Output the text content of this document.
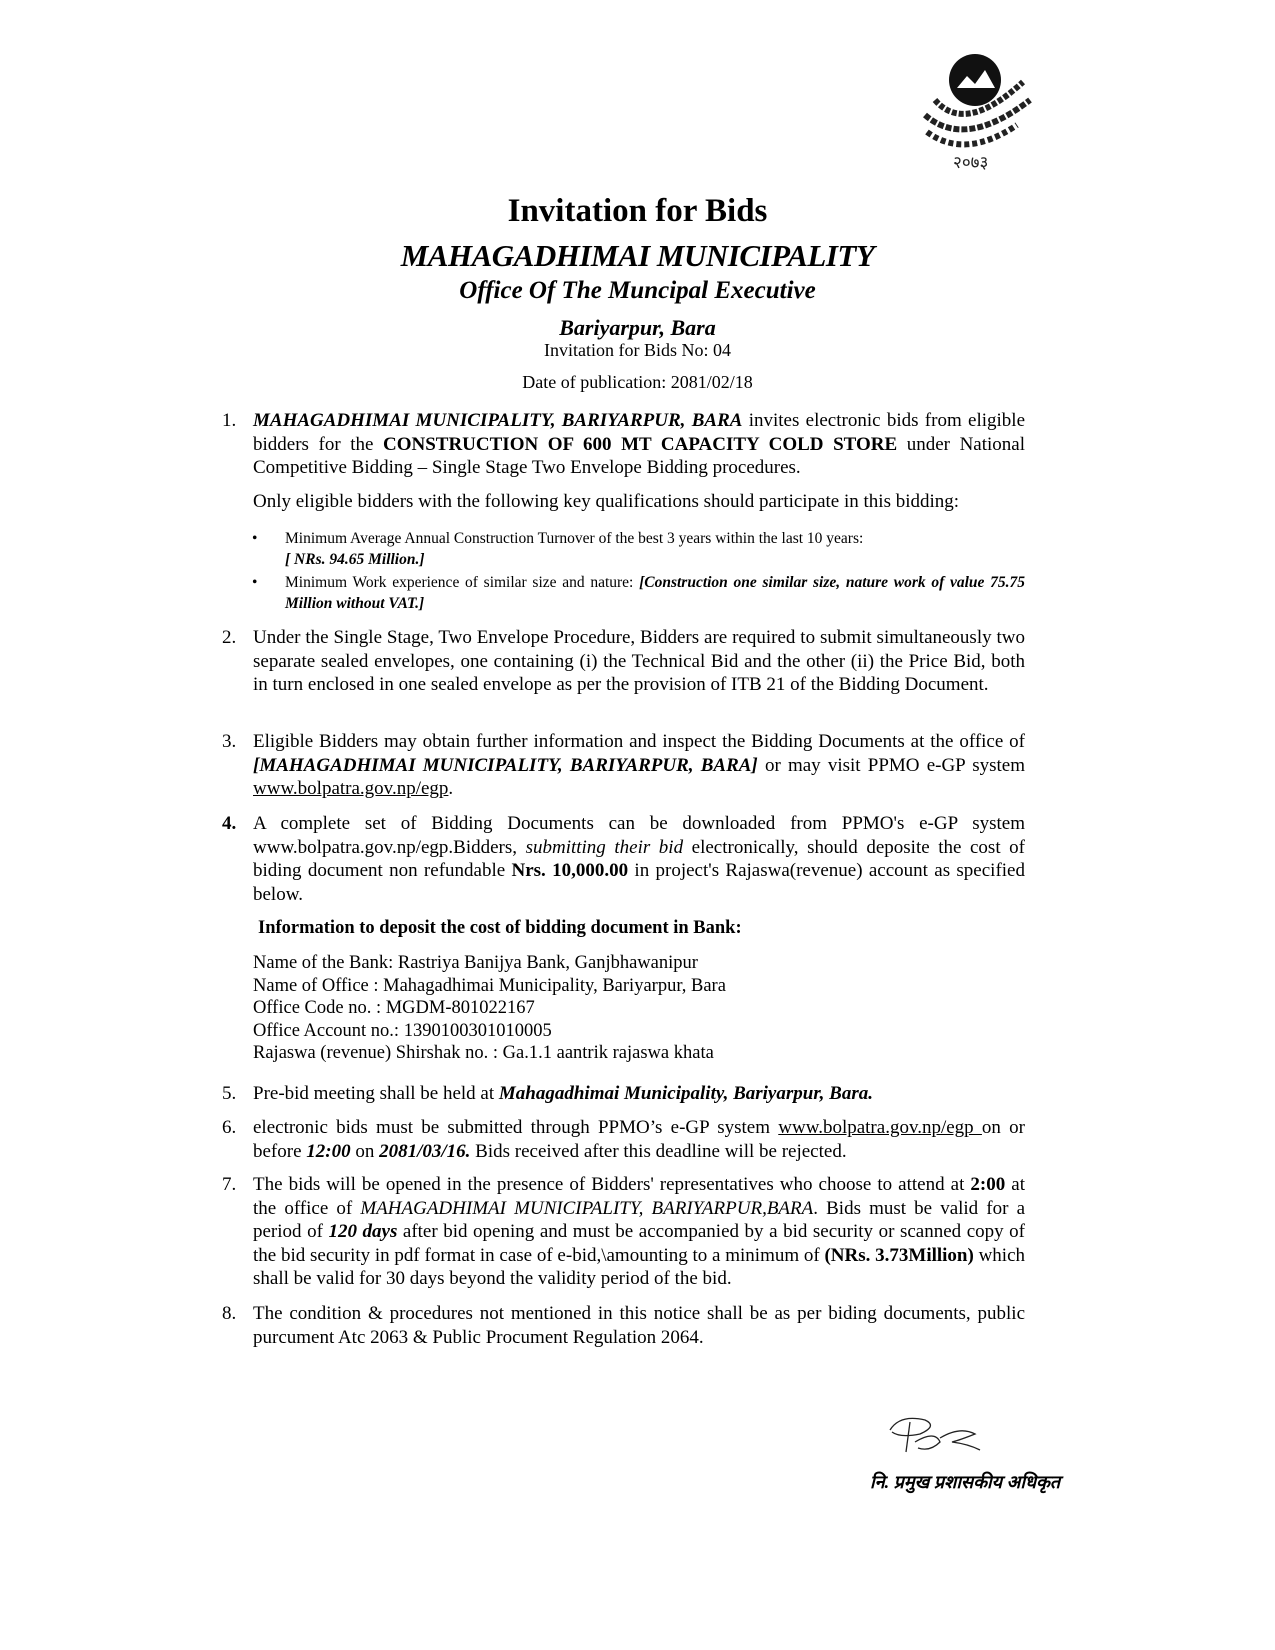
२०७३
Invitation for Bids
MAHAGADHIMAI MUNICIPALITY
Office Of The Muncipal Executive
Bariyarpur, Bara
Invitation for Bids No: 04
Date of publication: 2081/02/18
1. MAHAGADHIMAI MUNICIPALITY, BARIYARPUR, BARA invites electronic bids from eligible bidders for the CONSTRUCTION OF 600 MT CAPACITY COLD STORE under National Competitive Bidding – Single Stage Two Envelope Bidding procedures.
Only eligible bidders with the following key qualifications should participate in this bidding:
• Minimum Average Annual Construction Turnover of the best 3 years within the last 10 years:
[ NRs. 94.65 Million.]
• Minimum Work experience of similar size and nature: [Construction one similar size, nature work of value 75.75 Million without VAT.]
2. Under the Single Stage, Two Envelope Procedure, Bidders are required to submit simultaneously two separate sealed envelopes, one containing (i) the Technical Bid and the other (ii) the Price Bid, both in turn enclosed in one sealed envelope as per the provision of ITB 21 of the Bidding Document.
3. Eligible Bidders may obtain further information and inspect the Bidding Documents at the office of [MAHAGADHIMAI MUNICIPALITY, BARIYARPUR, BARA] or may visit PPMO e-GP system www.bolpatra.gov.np/egp.
4. A complete set of Bidding Documents can be downloaded from PPMO's e-GP system www.bolpatra.gov.np/egp.Bidders, submitting their bid electronically, should deposite the cost of biding document non refundable Nrs. 10,000.00 in project's Rajaswa(revenue) account as specified below.
Information to deposit the cost of bidding document in Bank:
Name of the Bank: Rastriya Banijya Bank, Ganjbhawanipur
Name of Office : Mahagadhimai Municipality, Bariyarpur, Bara
Office Code no. : MGDM-801022167
Office Account no.: 1390100301010005
Rajaswa (revenue) Shirshak no. : Ga.1.1 aantrik rajaswa khata
5. Pre-bid meeting shall be held at Mahagadhimai Municipality, Bariyarpur, Bara.
6. electronic bids must be submitted through PPMO’s e-GP system www.bolpatra.gov.np/egp on or before 12:00 on 2081/03/16. Bids received after this deadline will be rejected.
7. The bids will be opened in the presence of Bidders' representatives who choose to attend at 2:00 at the office of MAHAGADHIMAI MUNICIPALITY, BARIYARPUR,BARA. Bids must be valid for a period of 120 days after bid opening and must be accompanied by a bid security or scanned copy of the bid security in pdf format in case of e-bid,\amounting to a minimum of (NRs. 3.73Million) which shall be valid for 30 days beyond the validity period of the bid.
8. The condition & procedures not mentioned in this notice shall be as per biding documents, public purcument Atc 2063 & Public Procument Regulation 2064.
नि. प्रमुख प्रशासकीय अधिकृत
